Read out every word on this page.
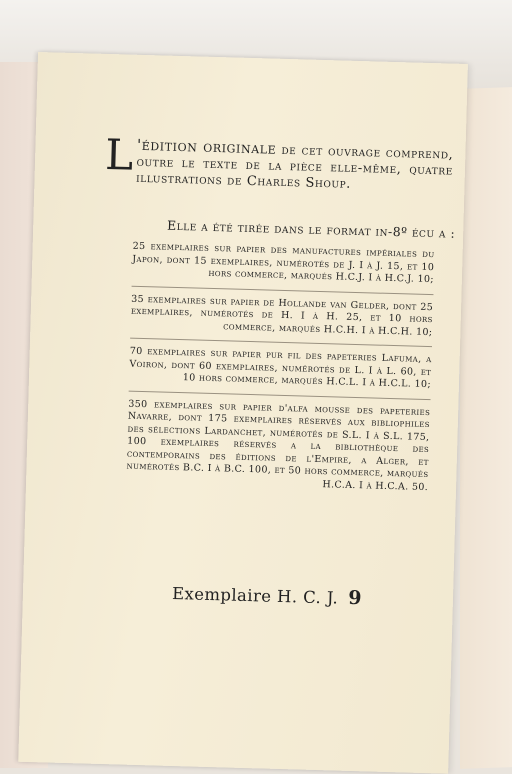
L 'édition originale de cet ouvrage comprend, outre le texte de la pièce elle-même, quatre illustrations de Charles Shoup.
Elle a été tirée dans le format in-8º écu a :

25 exemplaires sur papier des manufactures impériales du Japon, dont 15 exemplaires, numérotés de J. I à J. 15, et 10 hors commerce, marqués H.C.J. I à H.C.J. 10;

35 exemplaires sur papier de Hollande van Gelder, dont 25 exemplaires, numérotés de H. I à H. 25, et 10 hors commerce, marqués H.C.H. I à H.C.H. 10;

70 exemplaires sur papier pur fil des papeteries Lafuma, a Voiron, dont 60 exemplaires, numérotés de L. I à L. 60, et 10 hors commerce, marqués H.C.L. I à H.C.L. 10;

350 exemplaires sur papier d'alfa mousse des papeteries Navarre, dont 175 exemplaires réservés aux bibliophiles des sélections Lardanchet, numérotés de S.L. I à S.L. 175, 100 exemplaires réservés a la bibliothèque des contemporains des éditions de l'Empire, a Alger, et numérotés B.C. I à B.C. 100, et 50 hors commerce, marqués H.C.A. I à H.C.A. 50.

Exemplaire H. C. J. 9
